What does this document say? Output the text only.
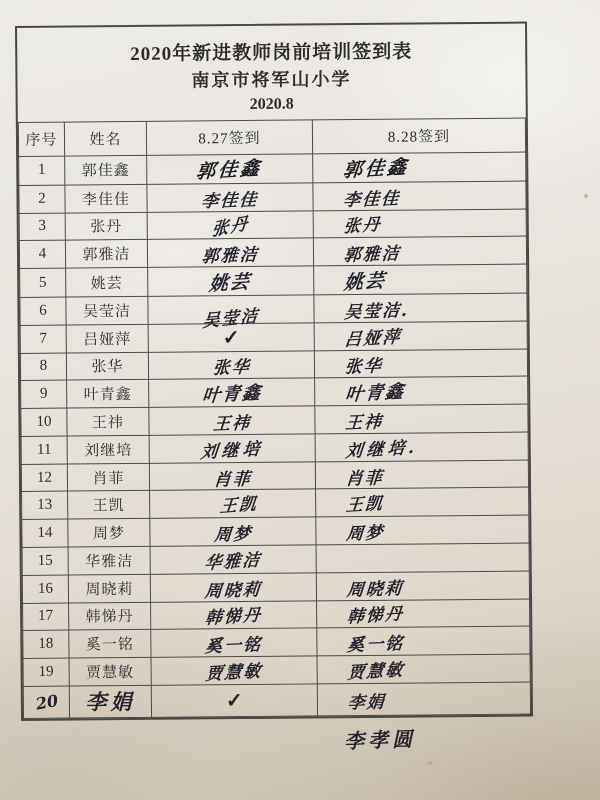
2020年新进教师岗前培训签到表
南京市将军山小学
2020.8
序号	姓名	8.27签到	8.28签到
1	郭佳鑫	郭佳鑫	郭佳鑫
2	李佳佳	李佳佳	李佳佳
3	张丹	张丹	张丹
4	郭雅洁	郭雅洁	郭雅洁
5	姚芸	姚芸	姚芸
6	吴莹洁	吴莹洁	吴莹洁.
7	吕娅萍	✓	吕娅萍
8	张华	张华	张华
9	叶青鑫	叶青鑫	叶青鑫
10	王祎	王祎	王祎
11	刘继培	刘继培	刘继培.
12	肖菲	肖菲	肖菲
13	王凯	王凯	王凯
14	周梦	周梦	周梦
15	华雅洁	华雅洁	
16	周晓莉	周晓莉	周晓莉
17	韩悌丹	韩悌丹	韩悌丹
18	奚一铭	奚一铭	奚一铭
19	贾慧敏	贾慧敏	贾慧敏
20	李娟	✓	李娟
李孝圆
